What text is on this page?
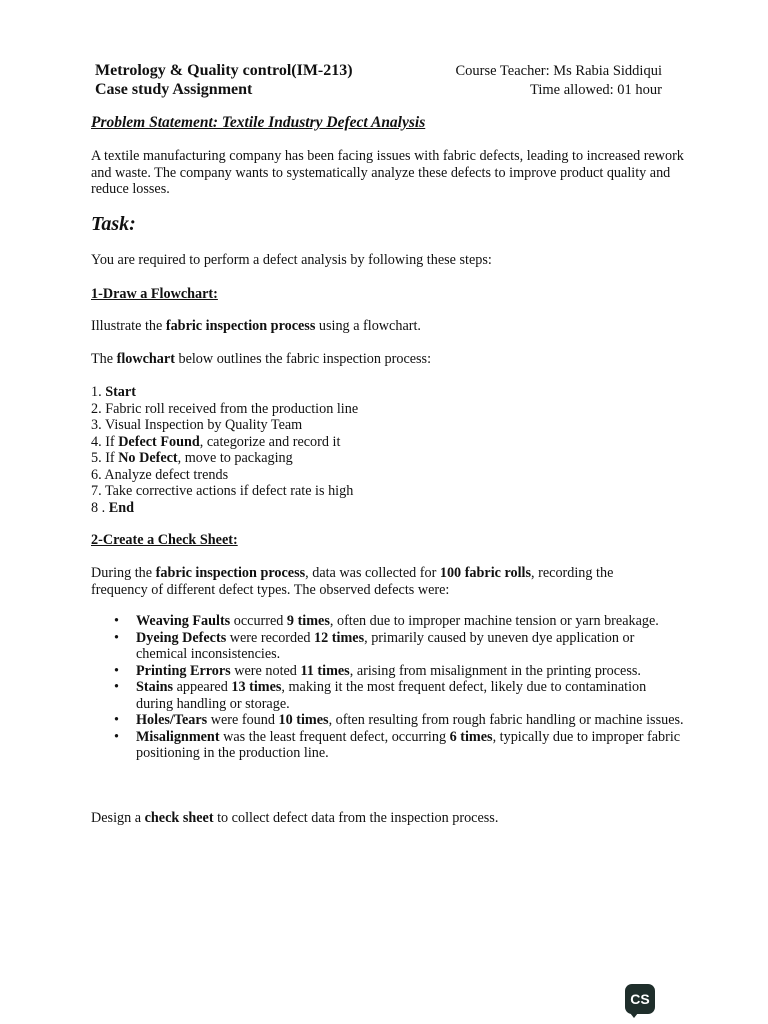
Metrology & Quality control(IM-213)
Case study Assignment
Course Teacher: Ms Rabia Siddiqui
Time allowed: 01 hour
Problem Statement: Textile Industry Defect Analysis
A textile manufacturing company has been facing issues with fabric defects, leading to increased rework and waste. The company wants to systematically analyze these defects to improve product quality and reduce losses.
Task:
You are required to perform a defect analysis by following these steps:
1-Draw a Flowchart:
Illustrate the fabric inspection process using a flowchart.
The flowchart below outlines the fabric inspection process:
1. Start
2. Fabric roll received from the production line
3. Visual Inspection by Quality Team
4. If Defect Found, categorize and record it
5. If No Defect, move to packaging
6. Analyze defect trends
7. Take corrective actions if defect rate is high
8 . End
2-Create a Check Sheet:
During the fabric inspection process, data was collected for 100 fabric rolls, recording the frequency of different defect types. The observed defects were:
• Weaving Faults occurred 9 times, often due to improper machine tension or yarn breakage.
• Dyeing Defects were recorded 12 times, primarily caused by uneven dye application or chemical inconsistencies.
• Printing Errors were noted 11 times, arising from misalignment in the printing process.
• Stains appeared 13 times, making it the most frequent defect, likely due to contamination during handling or storage.
• Holes/Tears were found 10 times, often resulting from rough fabric handling or machine issues.
• Misalignment was the least frequent defect, occurring 6 times, typically due to improper fabric positioning in the production line.
Design a check sheet to collect defect data from the inspection process.
CS
